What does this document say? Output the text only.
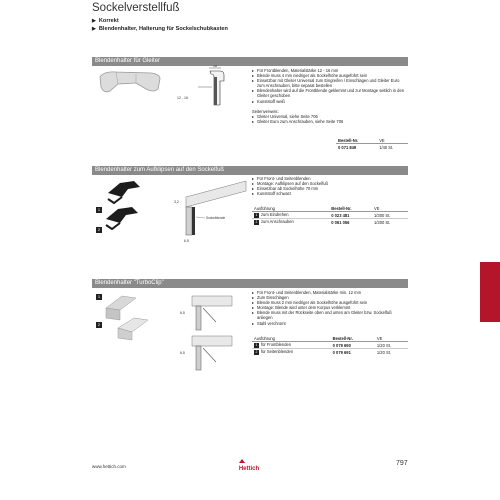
Sockelverstellfuß
▶ Korrekt
▶ Blendenhalter, Halterung für Sockelschubkasten
Blendenhalter für Gleiter
18
12 - 16
▸ Für Frontblenden, Materialstärke 12 - 16 mm
▸ Blende muss 4 mm niedriger als Sockelhöhe ausgeführt sein
▸ Einsetzbar mit Gleiter Universal zum Eingreifen / Einschlagen und Gleiter Euro zum Anschrauben, bitte separat bestellen
▸ Blendenhalter wird auf die Frontblende geklemmt und zur Montage seitlich in den Gleiter geschoben
▸ Kunststoff weiß
Seitenverweis:
▸ Gleiter Universal, siehe Seite 706
▸ Gleiter Euro zum Anschrauben, siehe Seite 706
Bestell-Nr.	VE
0 071 849	1/40 St.
Blendenhalter zum Aufklipsen auf den Sockelfuß
1
2
3,2
Sockelblende
6,5
▸ Für Front- und Seitenblenden
▸ Montage: Aufklipsen auf den Sockelfuß
▸ Einsetzbar ab Sockelhöhe 70 mm
▸ Kunststoff schwarz
Ausführung	Bestell-Nr.	VE
1 zum Eindrehen	0 023 481	1/300 St.
2 zum Anschrauben	0 061 056	1/300 St.
Blendenhalter "TurboClip"
1
2
6,5
6,5
▸ Für Front- und Seitenblenden, Materialstärke min. 12 mm
▸ Zum Einschlagen
▸ Blende muss 2 mm niedriger als Sockelhöhe ausgeführt sein
▸ Montage: Blende wird unter dem Korpus verklemmt
▸ Blende muss mit der Rückseite oben und unten am Gleiter bzw. Sockelfuß anliegen
▸ Stahl verchromt
Ausführung	Bestell-Nr.	VE
1 für Frontblenden	0 079 690	1/20 St.
2 für Seitenblenden	0 079 691	1/20 St.
www.hettich.com	Hettich
797
